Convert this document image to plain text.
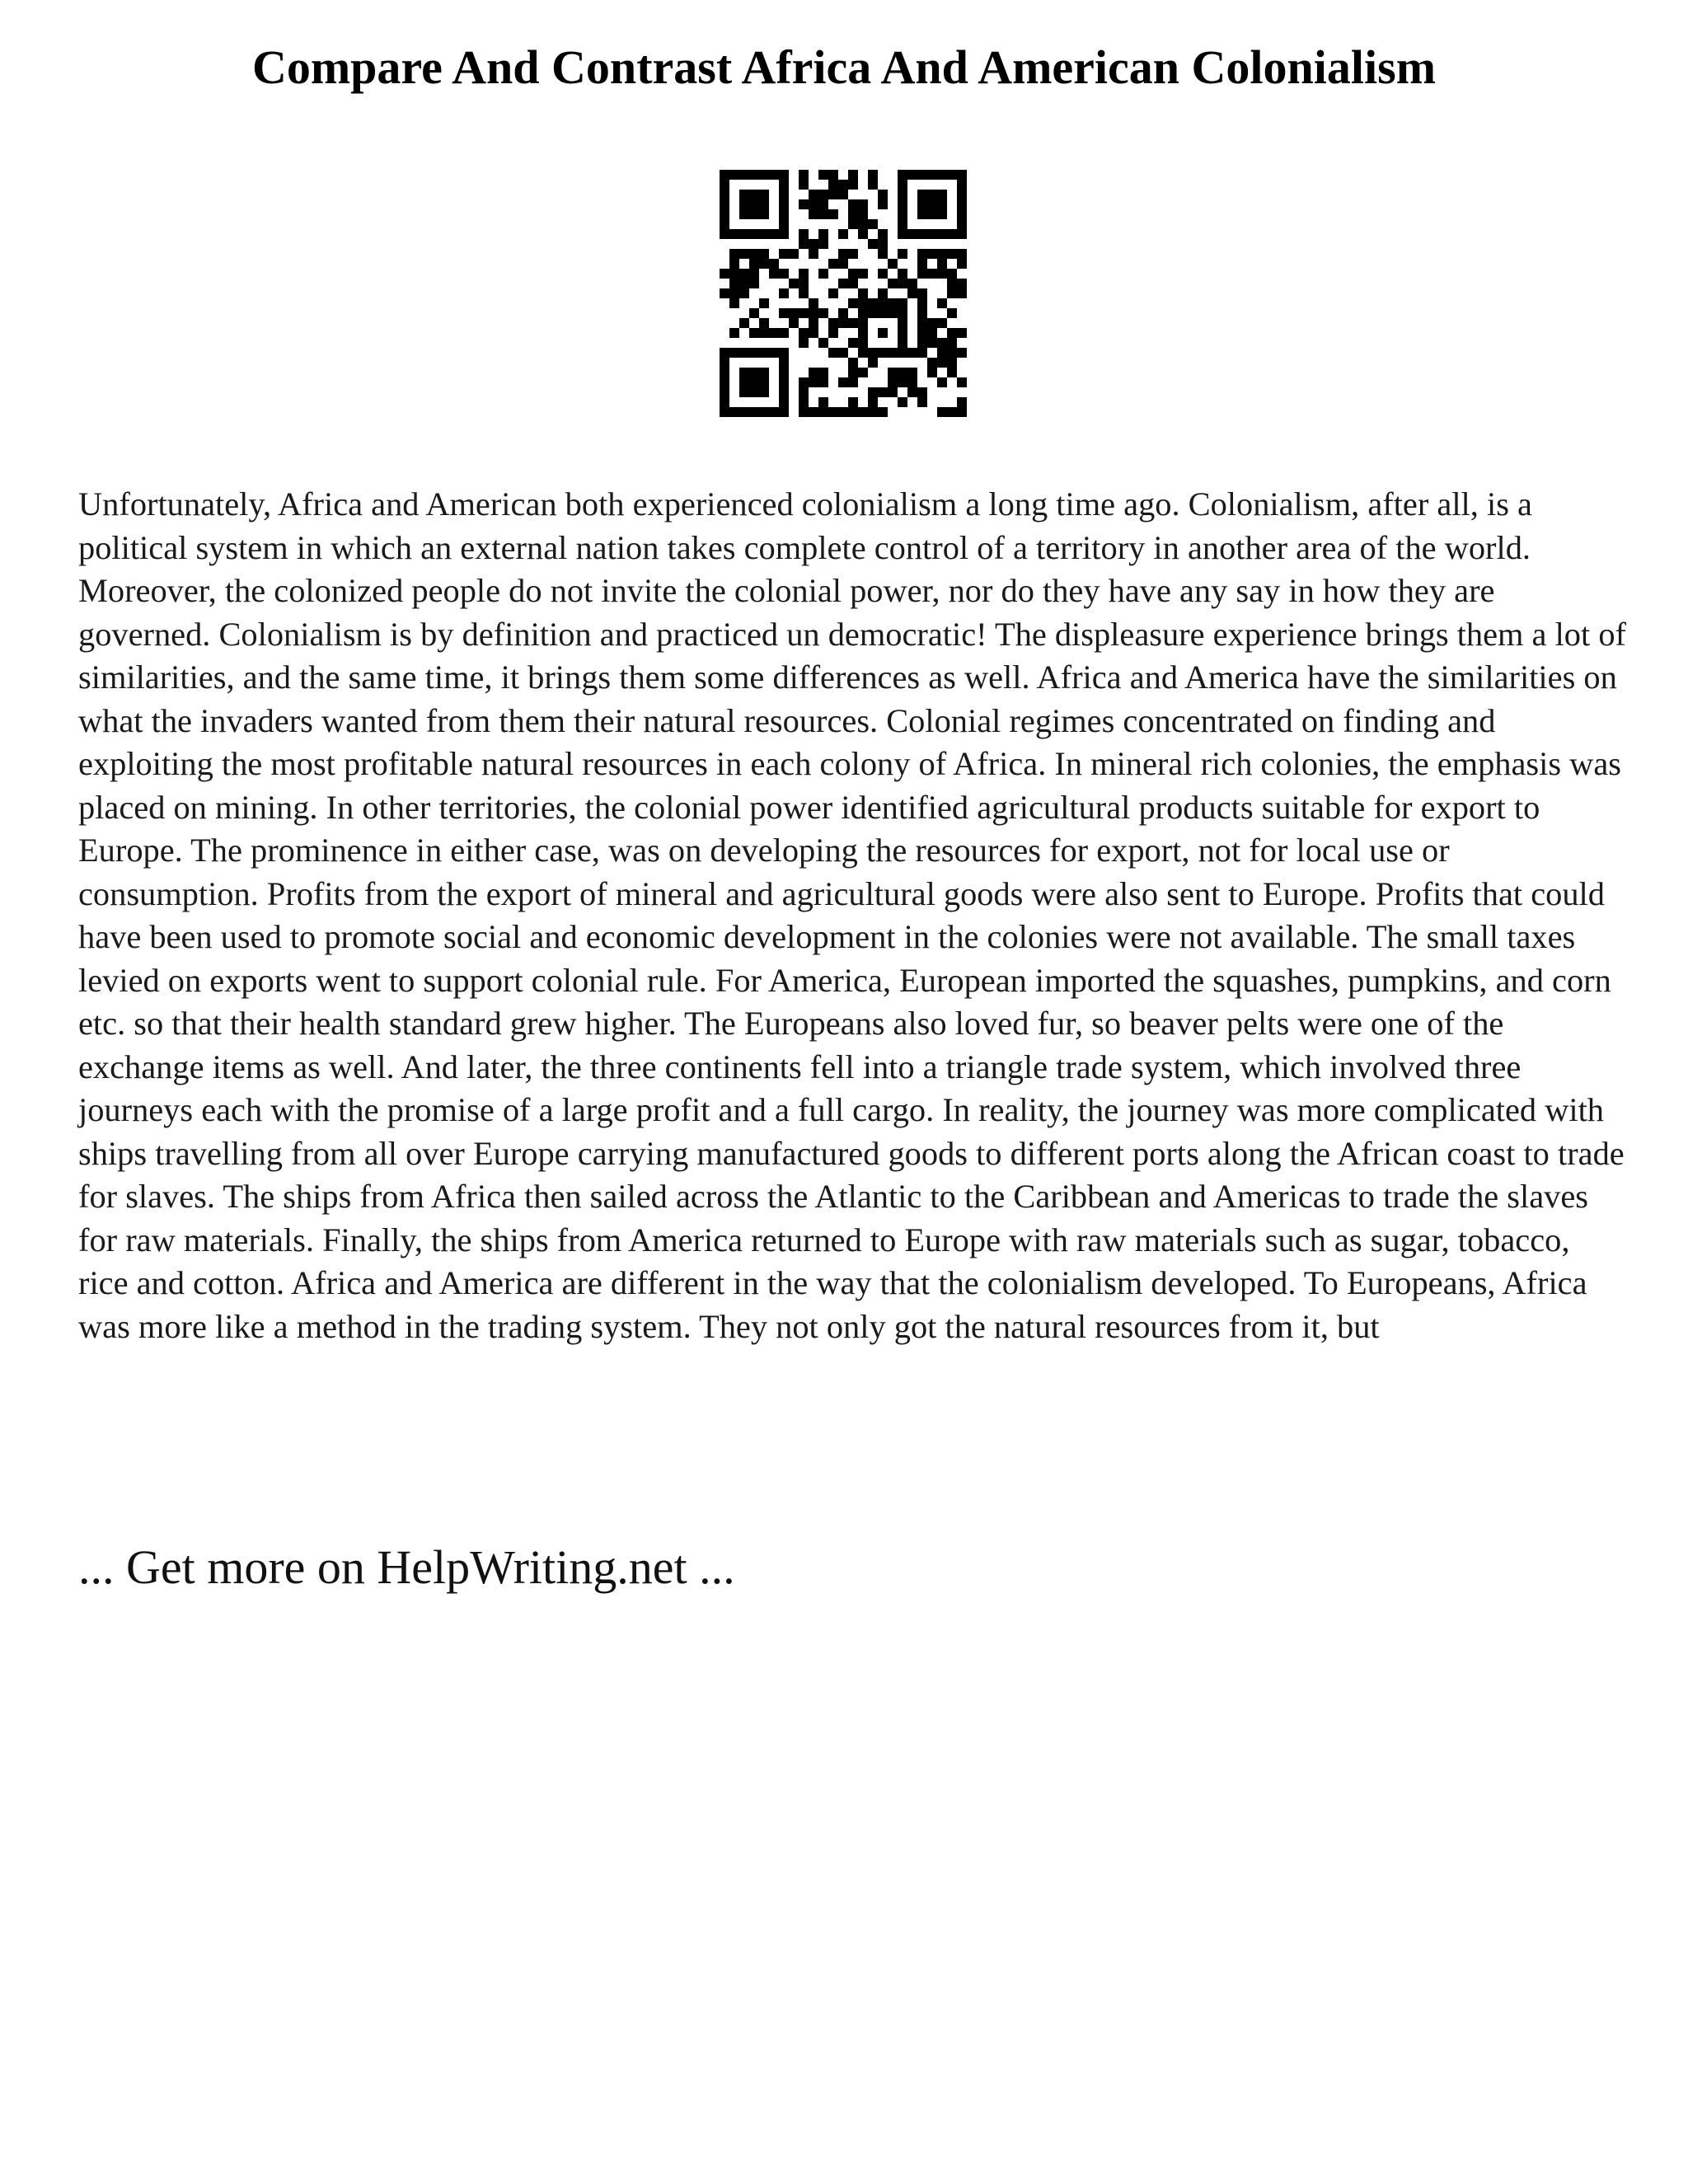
Compare And Contrast Africa And American Colonialism

Unfortunately, Africa and American both experienced colonialism a long time ago. Colonialism, after all, is a political system in which an external nation takes complete control of a territory in another area of the world. Moreover, the colonized people do not invite the colonial power, nor do they have any say in how they are governed. Colonialism is by definition and practiced un democratic! The displeasure experience brings them a lot of similarities, and the same time, it brings them some differences as well. Africa and America have the similarities on what the invaders wanted from them their natural resources. Colonial regimes concentrated on finding and exploiting the most profitable natural resources in each colony of Africa. In mineral rich colonies, the emphasis was placed on mining. In other territories, the colonial power identified agricultural products suitable for export to Europe. The prominence in either case, was on developing the resources for export, not for local use or consumption. Profits from the export of mineral and agricultural goods were also sent to Europe. Profits that could have been used to promote social and economic development in the colonies were not available. The small taxes levied on exports went to support colonial rule. For America, European imported the squashes, pumpkins, and corn etc. so that their health standard grew higher. The Europeans also loved fur, so beaver pelts were one of the exchange items as well. And later, the three continents fell into a triangle trade system, which involved three journeys each with the promise of a large profit and a full cargo. In reality, the journey was more complicated with ships travelling from all over Europe carrying manufactured goods to different ports along the African coast to trade for slaves. The ships from Africa then sailed across the Atlantic to the Caribbean and Americas to trade the slaves for raw materials. Finally, the ships from America returned to Europe with raw materials such as sugar, tobacco, rice and cotton. Africa and America are different in the way that the colonialism developed. To Europeans, Africa was more like a method in the trading system. They not only got the natural resources from it, but

... Get more on HelpWriting.net ...
